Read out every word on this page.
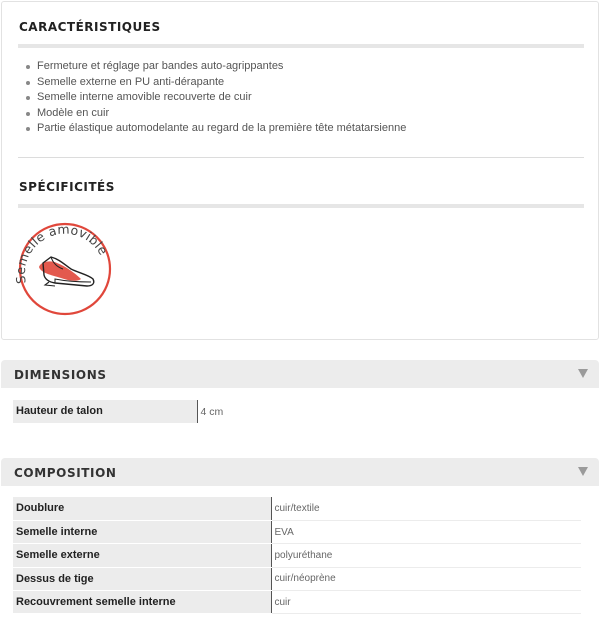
CARACTÉRISTIQUES
Fermeture et réglage par bandes auto-agrippantes
Semelle externe en PU anti-dérapante
Semelle interne amovible recouverte de cuir
Modèle en cuir
Partie élastique automodelante au regard de la première tête métatarsienne
SPÉCIFICITÉS
melle amovible
DIMENSIONS
Hauteur de talon	4 cm
COMPOSITION
Doublure	cuir/textile
Semelle interne	EVA
Semelle externe	polyuréthane
Dessus de tige	cuir/néoprène
Recouvrement semelle interne	cuir
